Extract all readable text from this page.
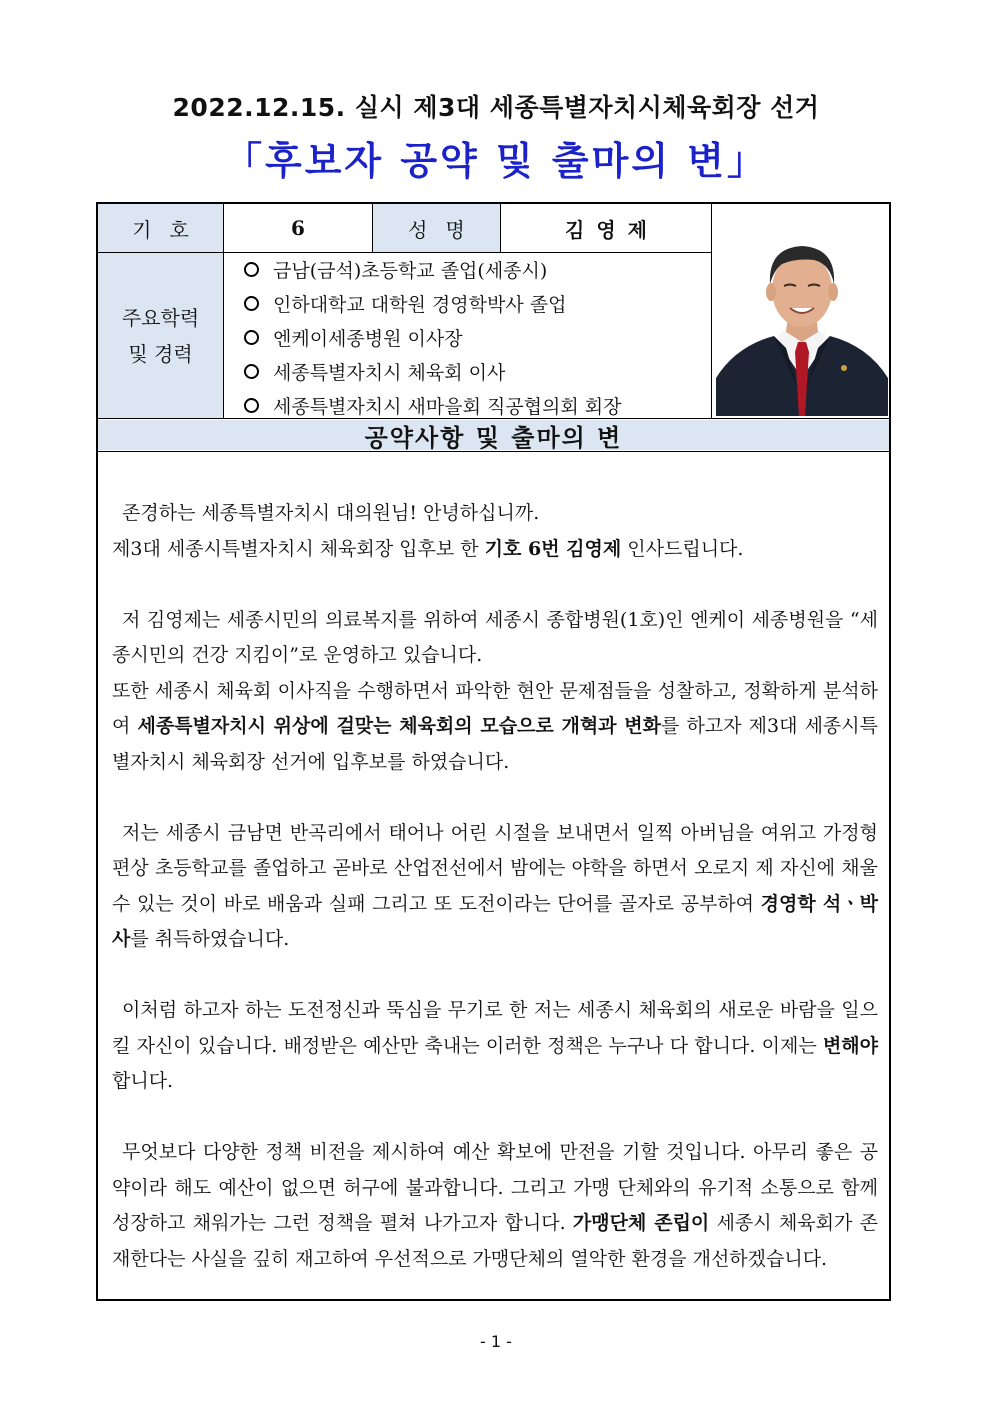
2022.12.15. 실시 제3대 세종특별자치시체육회장 선거
「후보자 공약 및 출마의 변」
기호	6	성명	김영제
주요학력
및 경력
금남(금석)초등학교 졸업(세종시)
인하대학교 대학원 경영학박사 졸업
엔케이세종병원 이사장
세종특별자치시 체육회 이사
세종특별자치시 새마을회 직공협의회 회장
공약사항 및 출마의 변

존경하는 세종특별자치시 대의원님! 안녕하십니까.
제3대 세종시특별자치시 체육회장 입후보 한 기호 6번 김영제 인사드립니다.

저 김영제는 세종시민의 의료복지를 위하여 세종시 종합병원(1호)인 엔케이 세종병원을 “세종시민의 건강 지킴이”로 운영하고 있습니다.
또한 세종시 체육회 이사직을 수행하면서 파악한 현안 문제점들을 성찰하고, 정확하게 분석하여 세종특별자치시 위상에 걸맞는 체육회의 모습으로 개혁과 변화를 하고자 제3대 세종시특별자치시 체육회장 선거에 입후보를 하였습니다.

저는 세종시 금남면 반곡리에서 태어나 어린 시절을 보내면서 일찍 아버님을 여위고 가정형편상 초등학교를 졸업하고 곧바로 산업전선에서 밤에는 야학을 하면서 오로지 제 자신에 채울 수 있는 것이 바로 배움과 실패 그리고 또 도전이라는 단어를 골자로 공부하여 경영학 석ㆍ박사를 취득하였습니다.

이처럼 하고자 하는 도전정신과 뚝심을 무기로 한 저는 세종시 체육회의 새로운 바람을 일으킬 자신이 있습니다. 배정받은 예산만 축내는 이러한 정책은 누구나 다 합니다. 이제는 변해야 합니다.

무엇보다 다양한 정책 비전을 제시하여 예산 확보에 만전을 기할 것입니다. 아무리 좋은 공약이라 해도 예산이 없으면 허구에 불과합니다. 그리고 가맹 단체와의 유기적 소통으로 함께 성장하고 채워가는 그런 정책을 펼쳐 나가고자 합니다. 가맹단체 존립이 세종시 체육회가 존재한다는 사실을 깊히 재고하여 우선적으로 가맹단체의 열악한 환경을 개선하겠습니다.

- 1 -
